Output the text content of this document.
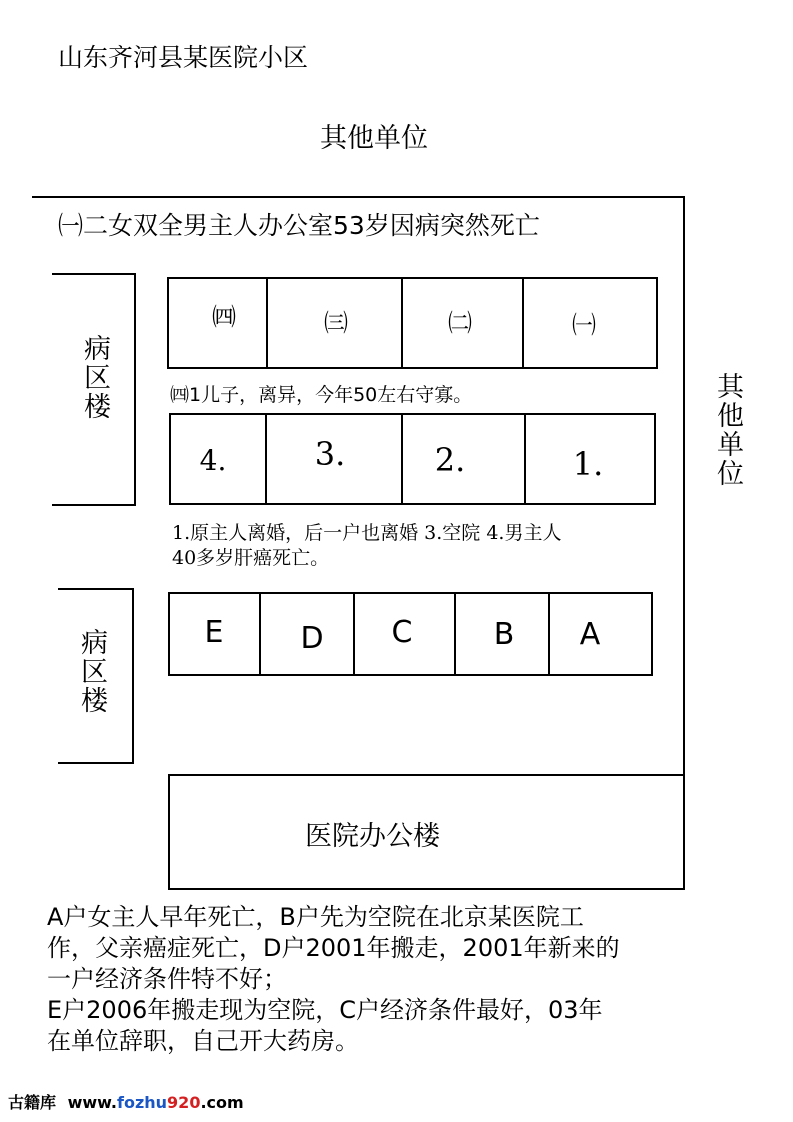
山东齐河县某医院小区
其他单位
㈠二女双全男主人办公室53岁因病突然死亡
其他单位
病区楼
病区楼
㈣	㈢	㈡	㈠
㈣1儿子，离异，今年50左右守寡。
4.	3.	2.	1.
1.原主人离婚，后一户也离婚 3.空院 4.男主人
40多岁肝癌死亡。
E	D	C	B	A
医院办公楼
A户女主人早年死亡，B户先为空院在北京某医院工
作，父亲癌症死亡，D户2001年搬走，2001年新来的
一户经济条件特不好；
E户2006年搬走现为空院，C户经济条件最好，03年
在单位辞职，自己开大药房。
古籍库 www.fozhu920.com
